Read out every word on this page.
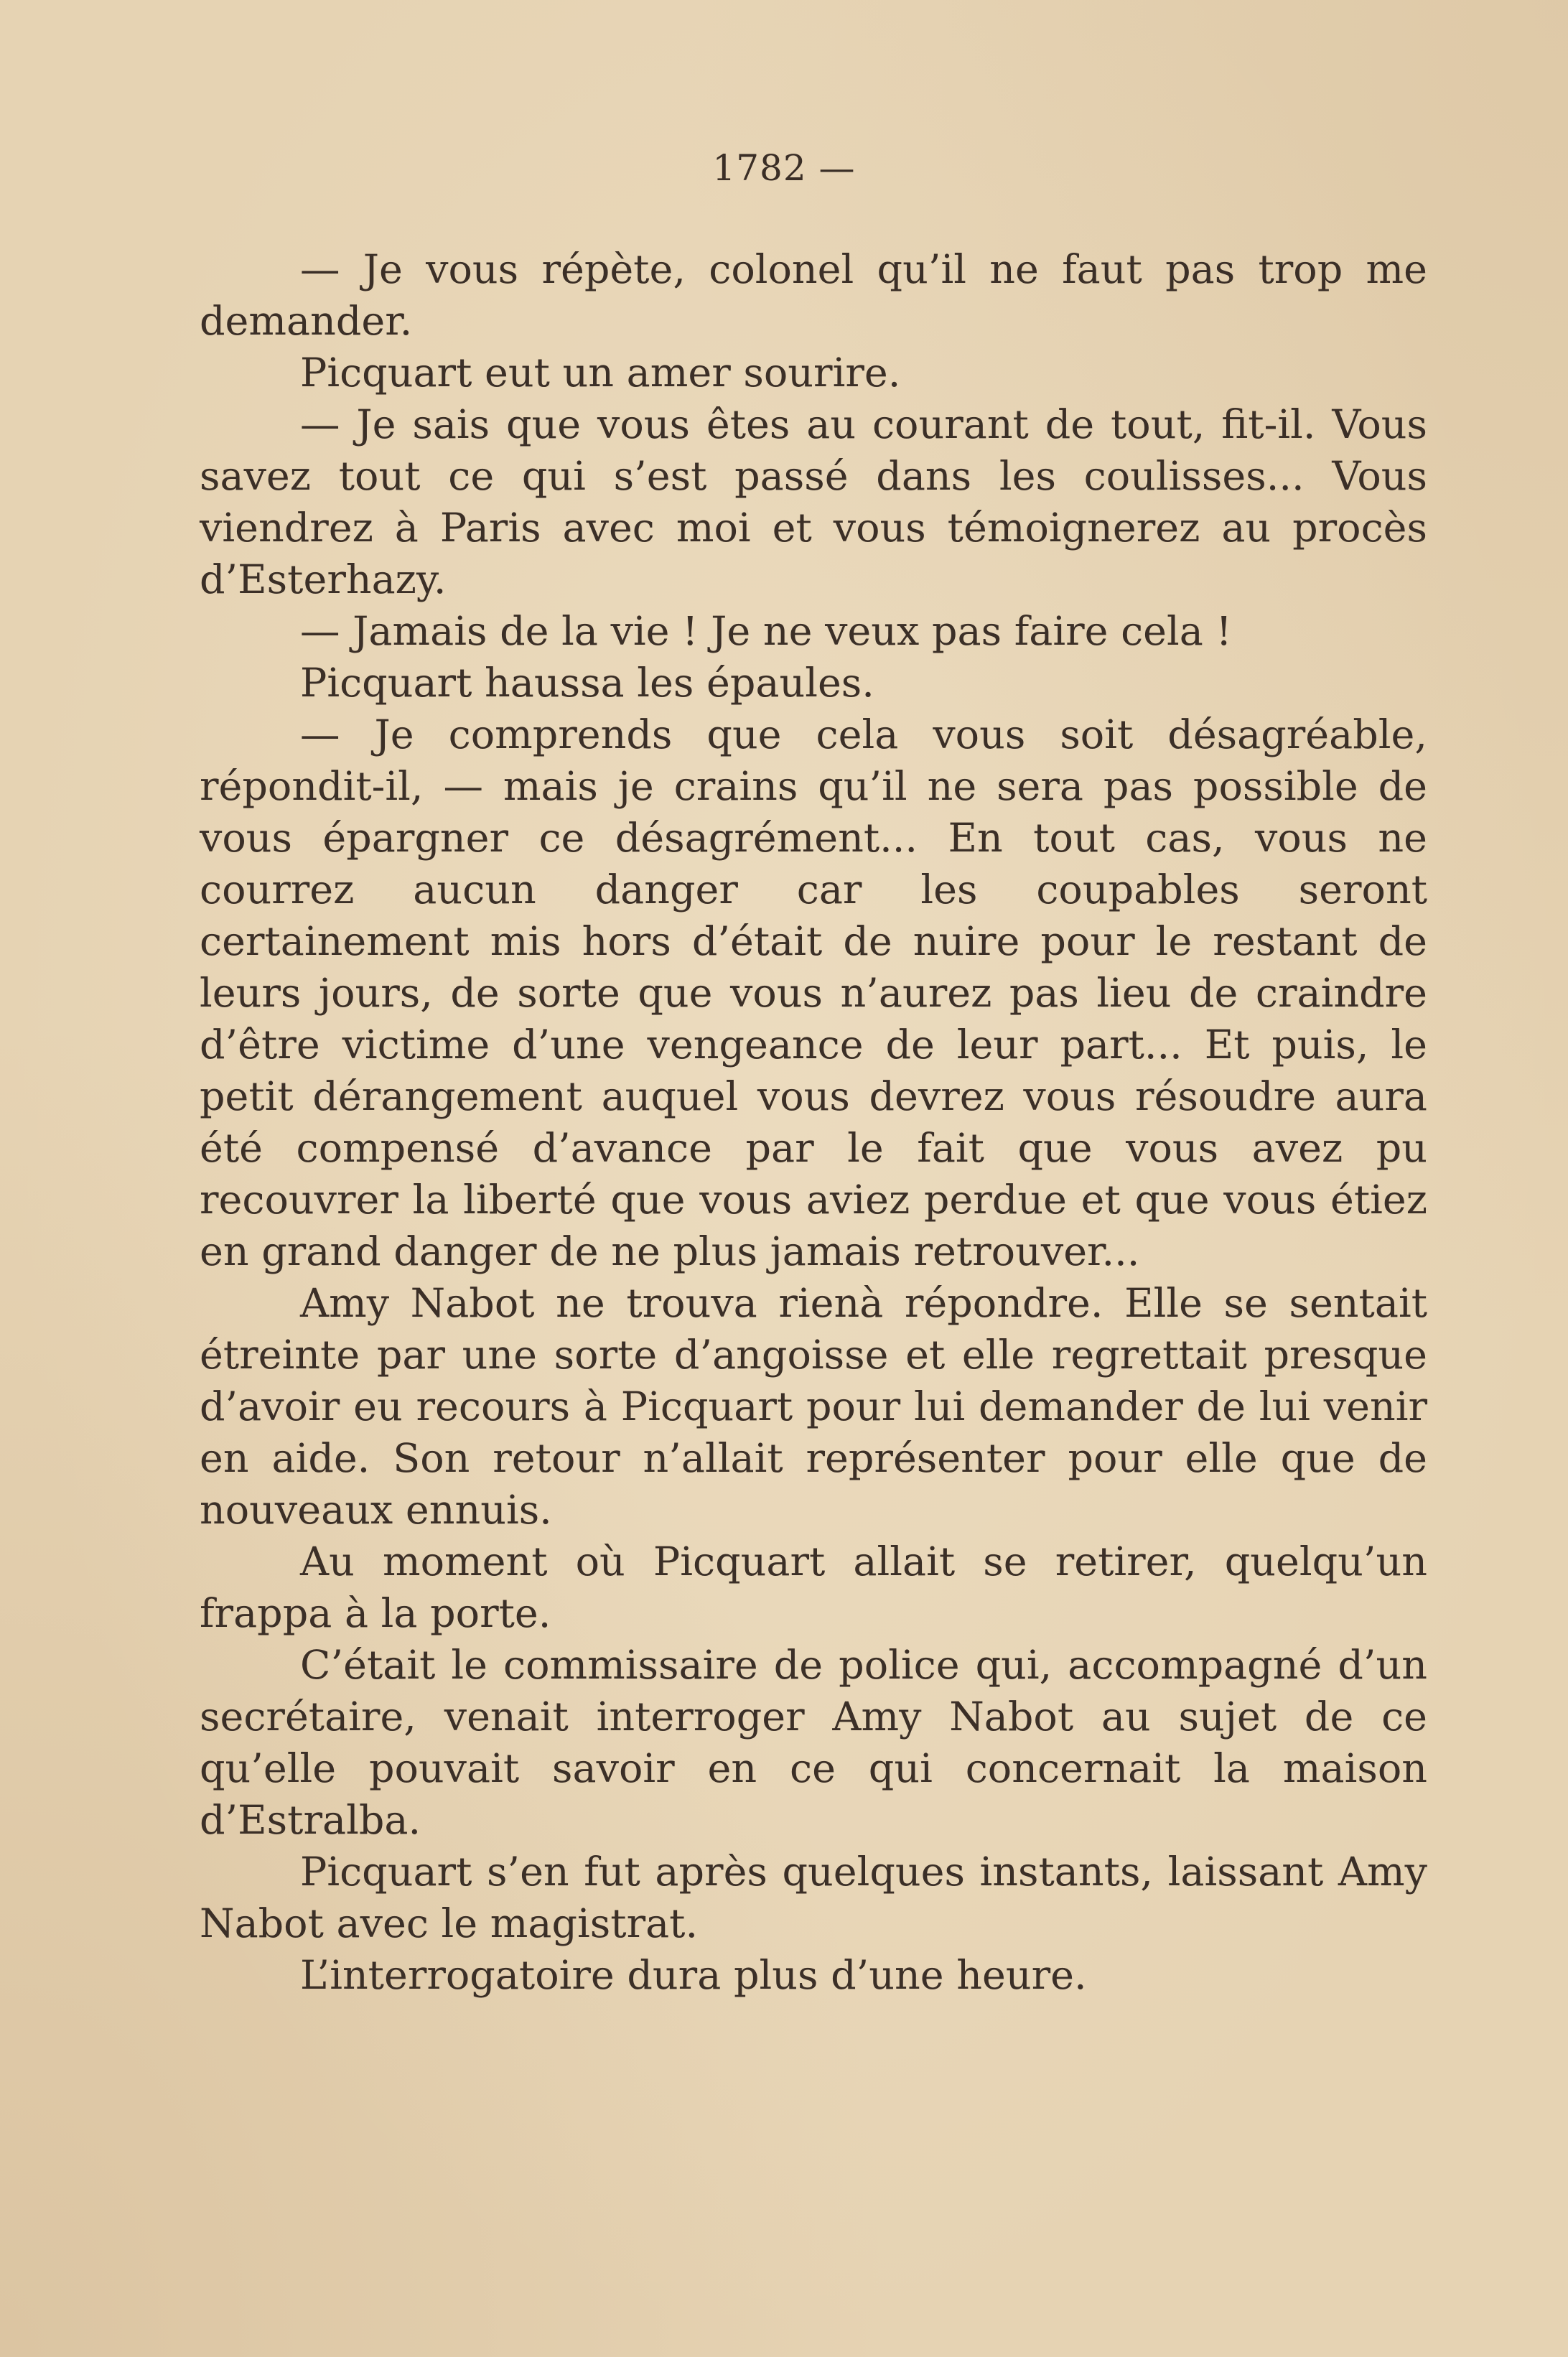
1782 —

— Je vous répète, colonel qu’il ne faut pas trop me demander.

Picquart eut un amer sourire.

— Je sais que vous êtes au courant de tout, fit-il. Vous savez tout ce qui s’est passé dans les coulisses... Vous viendrez à Paris avec moi et vous témoignerez au procès d’Esterhazy.

— Jamais de la vie ! Je ne veux pas faire cela !

Picquart haussa les épaules.

— Je comprends que cela vous soit désagréable, répondit-il, — mais je crains qu’il ne sera pas possible de vous épargner ce désagrément... En tout cas, vous ne courrez aucun danger car les coupables seront certainement mis hors d’était de nuire pour le restant de leurs jours, de sorte que vous n’aurez pas lieu de craindre d’être victime d’une vengeance de leur part... Et puis, le petit dérangement auquel vous devrez vous résoudre aura été compensé d’avance par le fait que vous avez pu recouvrer la liberté que vous aviez perdue et que vous étiez en grand danger de ne plus jamais retrouver...

Amy Nabot ne trouva rienà répondre. Elle se sentait étreinte par une sorte d’angoisse et elle regrettait presque d’avoir eu recours à Picquart pour lui demander de lui venir en aide. Son retour n’allait représenter pour elle que de nouveaux ennuis.

Au moment où Picquart allait se retirer, quelqu’un frappa à la porte.

C’était le commissaire de police qui, accompagné d’un secrétaire, venait interroger Amy Nabot au sujet de ce qu’elle pouvait savoir en ce qui concernait la maison d’Estralba.

Picquart s’en fut après quelques instants, laissant Amy Nabot avec le magistrat.

L’interrogatoire dura plus d’une heure.
